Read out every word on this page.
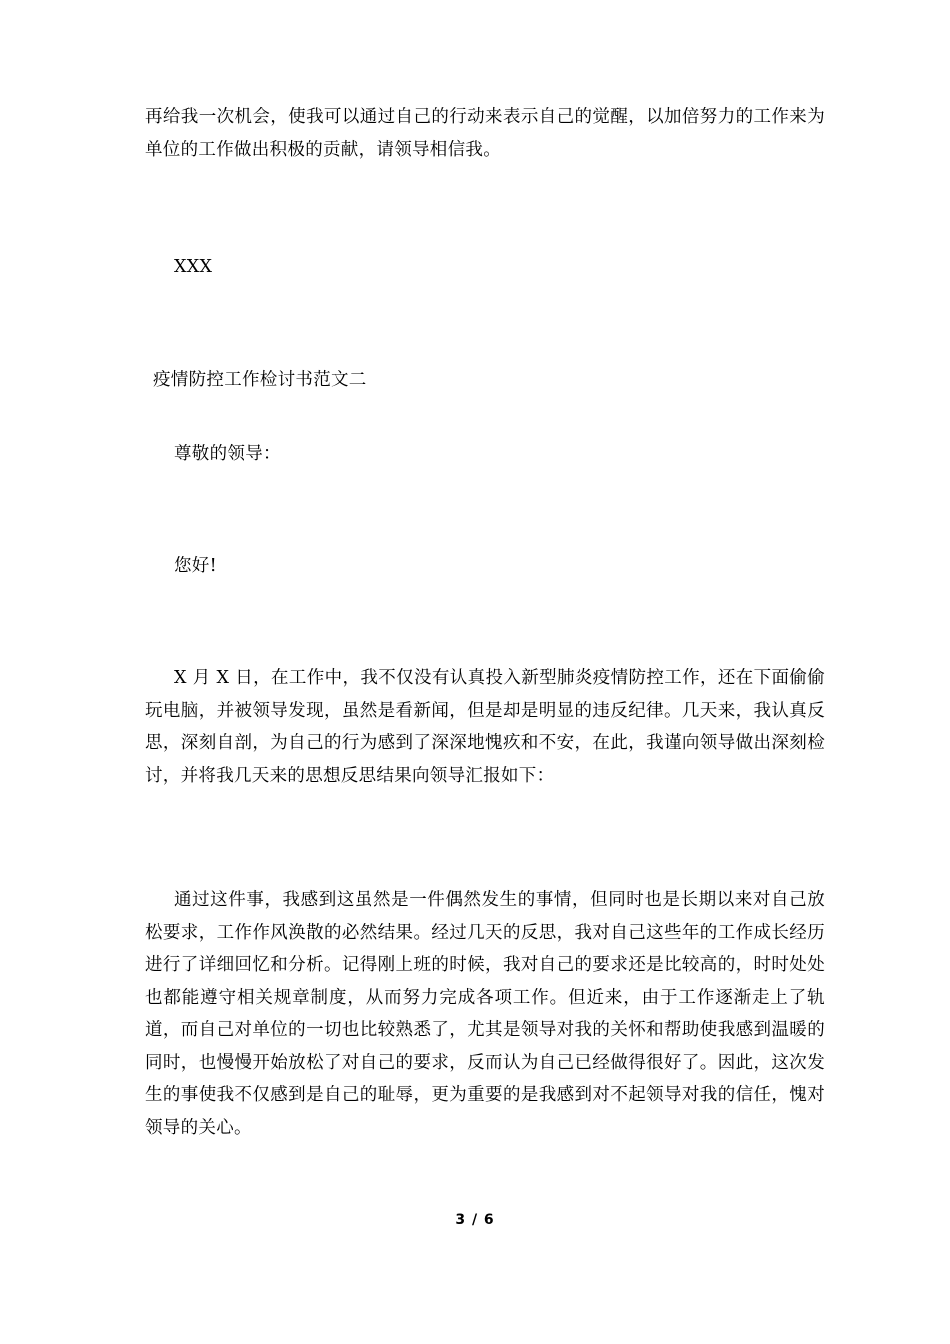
再给我一次机会，使我可以通过自己的行动来表示自己的觉醒，以加倍努力的工作来为单位的工作做出积极的贡献，请领导相信我。

XXX

疫情防控工作检讨书范文二

尊敬的领导：

您好!

X 月 X 日，在工作中，我不仅没有认真投入新型肺炎疫情防控工作，还在下面偷偷玩电脑，并被领导发现，虽然是看新闻，但是却是明显的违反纪律。几天来，我认真反思，深刻自剖，为自己的行为感到了深深地愧疚和不安，在此，我谨向领导做出深刻检讨，并将我几天来的思想反思结果向领导汇报如下：

通过这件事，我感到这虽然是一件偶然发生的事情，但同时也是长期以来对自己放松要求，工作作风涣散的必然结果。经过几天的反思，我对自己这些年的工作成长经历进行了详细回忆和分析。记得刚上班的时候，我对自己的要求还是比较高的，时时处处也都能遵守相关规章制度，从而努力完成各项工作。但近来，由于工作逐渐走上了轨道，而自己对单位的一切也比较熟悉了，尤其是领导对我的关怀和帮助使我感到温暖的同时，也慢慢开始放松了对自己的要求，反而认为自己已经做得很好了。因此，这次发生的事使我不仅感到是自己的耻辱，更为重要的是我感到对不起领导对我的信任，愧对领导的关心。

3 / 6
